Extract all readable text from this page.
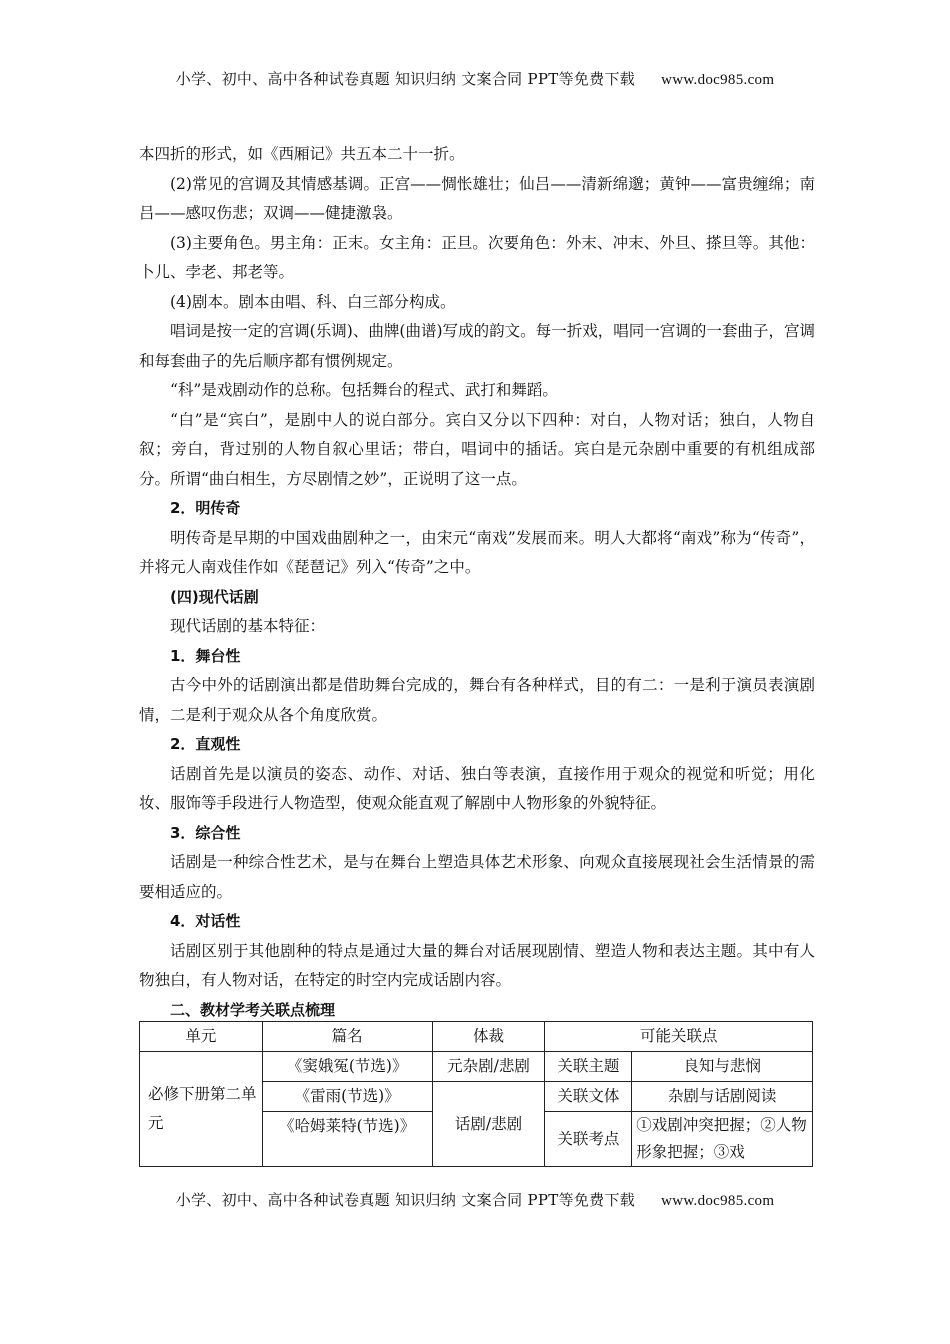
小学、初中、高中各种试卷真题 知识归纳 文案合同 PPT等免费下载 www.doc985.com

本四折的形式，如《西厢记》共五本二十一折。

(2)常见的宫调及其情感基调。正宫——惆怅雄壮；仙吕——清新绵邈；黄钟——富贵缠绵；南吕——感叹伤悲；双调——健捷激袅。

(3)主要角色。男主角：正末。女主角：正旦。次要角色：外末、冲末、外旦、搽旦等。其他：卜儿、孛老、邦老等。

(4)剧本。剧本由唱、科、白三部分构成。

唱词是按一定的宫调(乐调)、曲牌(曲谱)写成的韵文。每一折戏，唱同一宫调的一套曲子，宫调和每套曲子的先后顺序都有惯例规定。

“科”是戏剧动作的总称。包括舞台的程式、武打和舞蹈。

“白”是“宾白”，是剧中人的说白部分。宾白又分以下四种：对白，人物对话；独白，人物自叙；旁白，背过别的人物自叙心里话；带白，唱词中的插话。宾白是元杂剧中重要的有机组成部分。所谓“曲白相生，方尽剧情之妙”，正说明了这一点。

2．明传奇

明传奇是早期的中国戏曲剧种之一，由宋元“南戏”发展而来。明人大都将“南戏”称为“传奇”，并将元人南戏佳作如《琵琶记》列入“传奇”之中。

(四)现代话剧

现代话剧的基本特征：

1．舞台性

古今中外的话剧演出都是借助舞台完成的，舞台有各种样式，目的有二：一是利于演员表演剧情，二是利于观众从各个角度欣赏。

2．直观性

话剧首先是以演员的姿态、动作、对话、独白等表演，直接作用于观众的视觉和听觉；用化妆、服饰等手段进行人物造型，使观众能直观了解剧中人物形象的外貌特征。

3．综合性

话剧是一种综合性艺术，是与在舞台上塑造具体艺术形象、向观众直接展现社会生活情景的需要相适应的。

4．对话性

话剧区别于其他剧种的特点是通过大量的舞台对话展现剧情、塑造人物和表达主题。其中有人物独白，有人物对话，在特定的时空内完成话剧内容。

二、教材学考关联点梳理

单元	篇名	体裁	可能关联点	
必修下册第二单元	《窦娥冤(节选)》	元杂剧/悲剧	关联主题	良知与悲悯
	《雷雨(节选)》	话剧/悲剧	关联文体	杂剧与话剧阅读
	《哈姆莱特(节选)》		关联考点	①戏剧冲突把握；②人物形象把握；③戏
小学、初中、高中各种试卷真题 知识归纳 文案合同 PPT等免费下载 www.doc985.com
